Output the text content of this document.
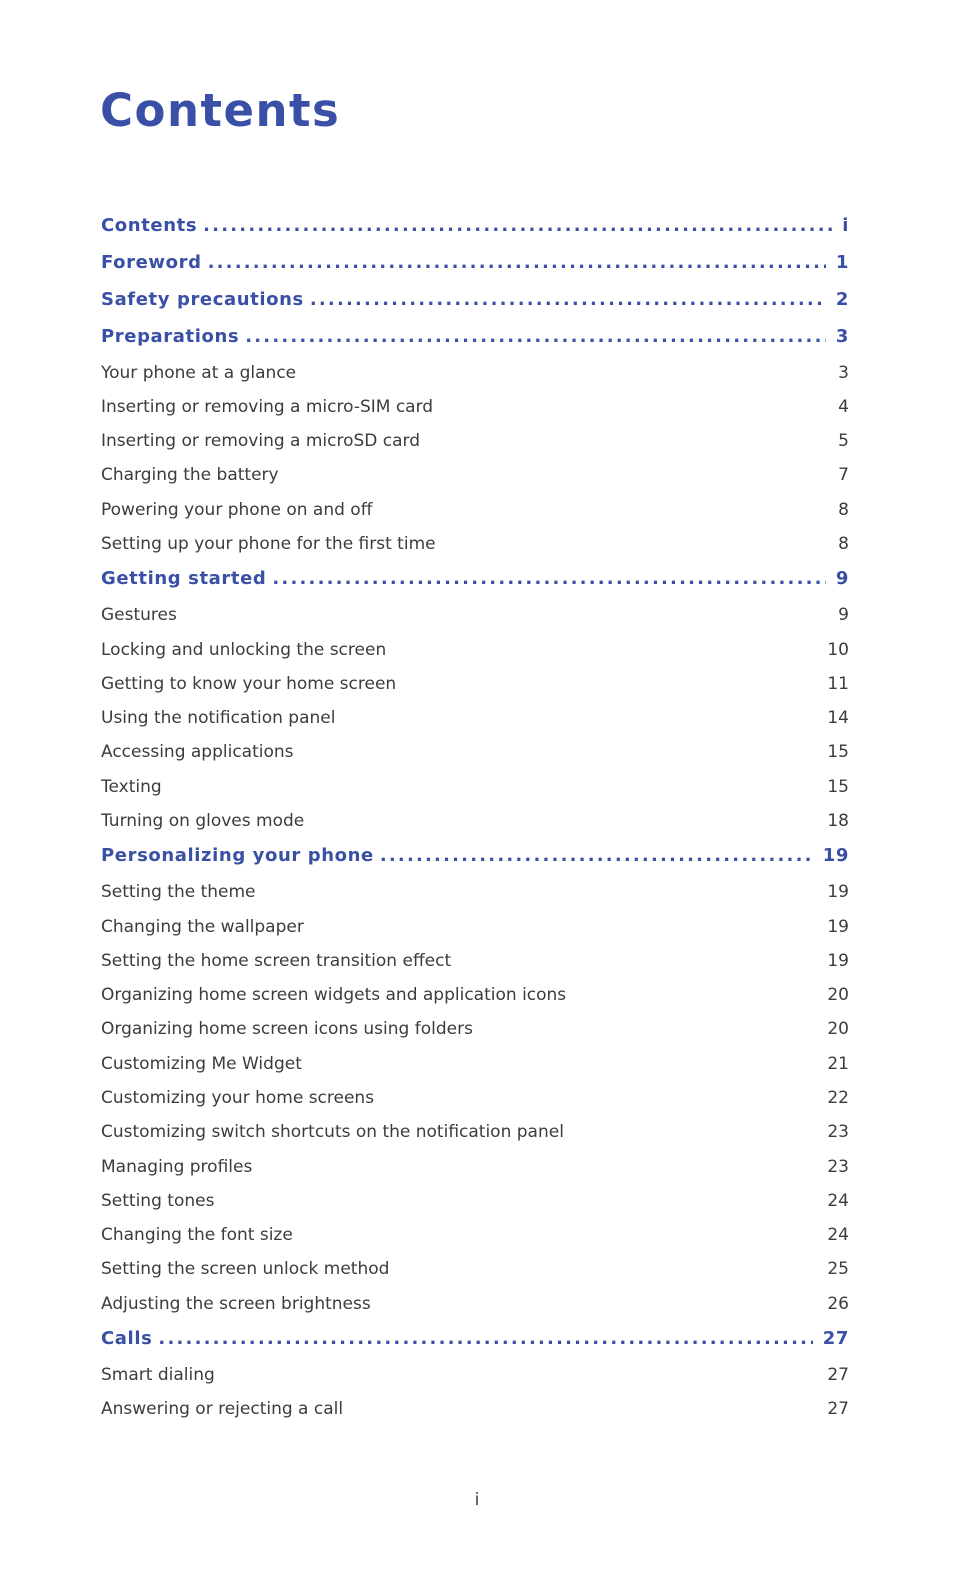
Contents
Contents .....	i
Foreword .....	1
Safety precautions .....	2
Preparations .....	3
Your phone at a glance	3
Inserting or removing a micro-SIM card	4
Inserting or removing a microSD card	5
Charging the battery	7
Powering your phone on and off	8
Setting up your phone for the first time	8
Getting started .....	9
Gestures	9
Locking and unlocking the screen	10
Getting to know your home screen	11
Using the notification panel	14
Accessing applications	15
Texting	15
Turning on gloves mode	18
Personalizing your phone .....	19
Setting the theme	19
Changing the wallpaper	19
Setting the home screen transition effect	19
Organizing home screen widgets and application icons	20
Organizing home screen icons using folders	20
Customizing Me Widget	21
Customizing your home screens	22
Customizing switch shortcuts on the notification panel	23
Managing profiles	23
Setting tones	24
Changing the font size	24
Setting the screen unlock method	25
Adjusting the screen brightness	26
Calls .....	27
Smart dialing	27
Answering or rejecting a call	27
i
